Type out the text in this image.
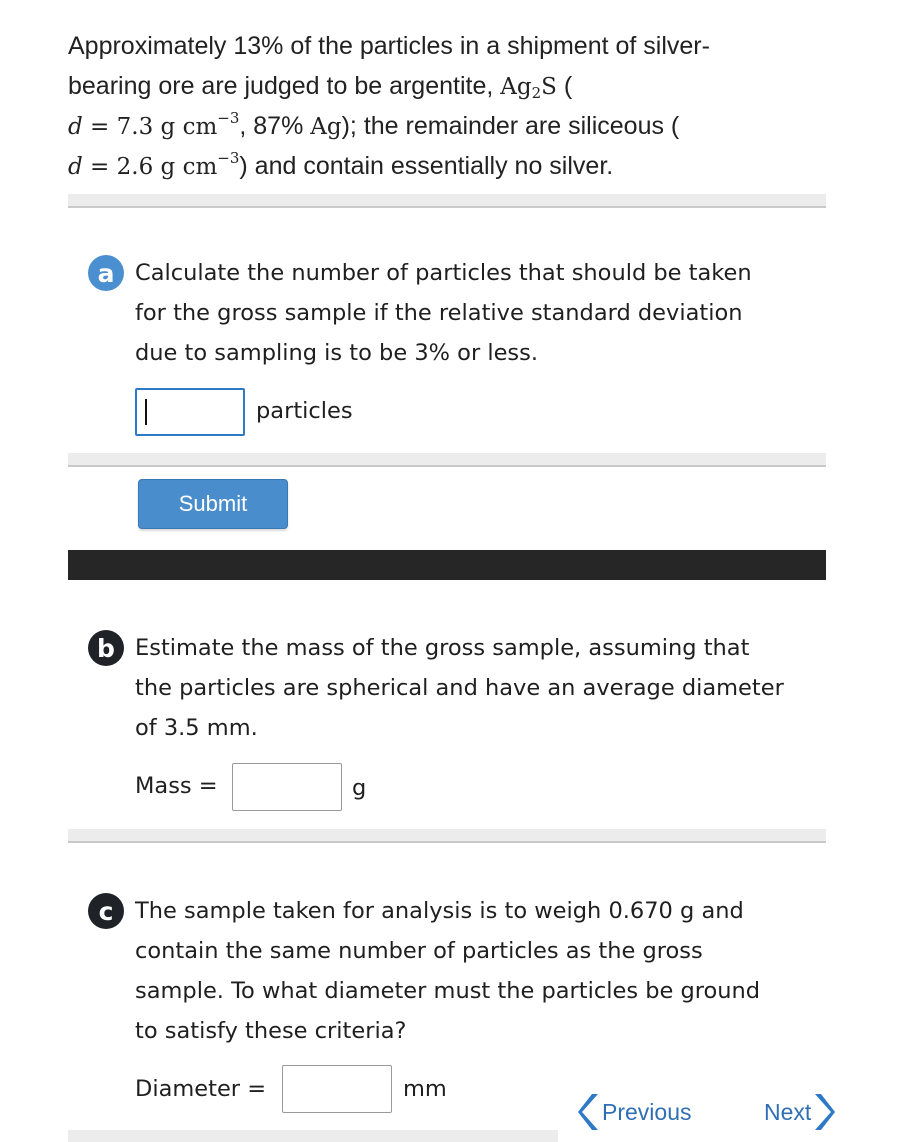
Approximately 13% of the particles in a shipment of silver-
bearing ore are judged to be argentite, $Ag_2S$ (
d = 7.3 g $cm^{-3}$, 87% Ag); the remainder are siliceous (
d = 2.6 g $cm^{-3}$) and contain essentially no silver.
a Calculate the number of particles that should be taken
for the gross sample if the relative standard deviation
due to sampling is to be 3% or less.
particles
Submit
b Estimate the mass of the gross sample, assuming that
the particles are spherical and have an average diameter
of 3.5 mm.
Mass =	g
c The sample taken for analysis is to weigh 0.670 g and
contain the same number of particles as the gross
sample. To what diameter must the particles be ground
to satisfy these criteria?
Diameter =	mm
Previous	Next
